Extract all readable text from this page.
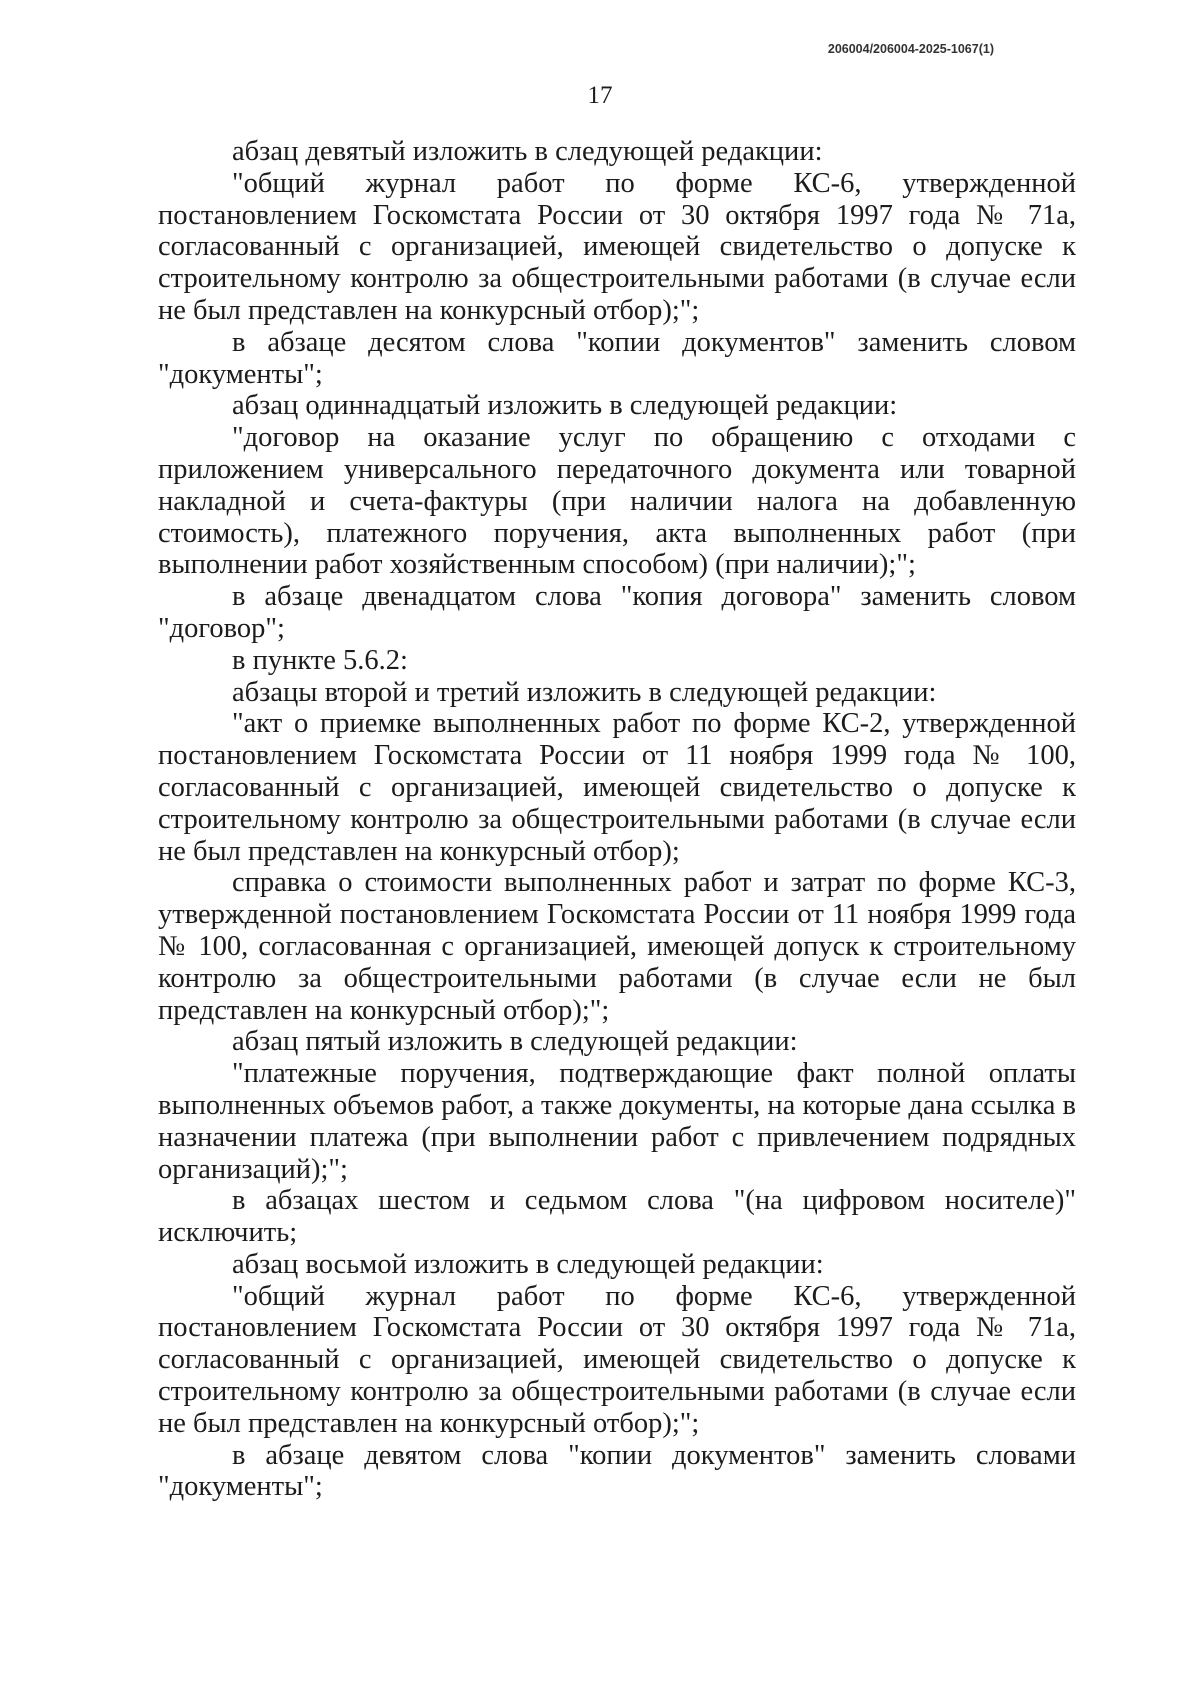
206004/206004-2025-1067(1)
17

абзац девятый изложить в следующей редакции:

"общий журнал работ по форме КС-6, утвержденной постановлением Госкомстата России от 30 октября 1997 года № 71а, согласованный с организацией, имеющей свидетельство о допуске к строительному контролю за общестроительными работами (в случае если не был представлен на конкурсный отбор);";

в абзаце десятом слова "копии документов" заменить словом "документы";

абзац одиннадцатый изложить в следующей редакции:

"договор на оказание услуг по обращению с отходами с приложением универсального передаточного документа или товарной накладной и счета-фактуры (при наличии налога на добавленную стоимость), платежного поручения, акта выполненных работ (при выполнении работ хозяйственным способом) (при наличии);";

в абзаце двенадцатом слова "копия договора" заменить словом "договор";

в пункте 5.6.2:

абзацы второй и третий изложить в следующей редакции:

"акт о приемке выполненных работ по форме КС-2, утвержденной постановлением Госкомстата России от 11 ноября 1999 года № 100, согласованный с организацией, имеющей свидетельство о допуске к строительному контролю за общестроительными работами (в случае если не был представлен на конкурсный отбор);

справка о стоимости выполненных работ и затрат по форме КС-3, утвержденной постановлением Госкомстата России от 11 ноября 1999 года № 100, согласованная с организацией, имеющей допуск к строительному контролю за общестроительными работами (в случае если не был представлен на конкурсный отбор);";

абзац пятый изложить в следующей редакции:

"платежные поручения, подтверждающие факт полной оплаты выполненных объемов работ, а также документы, на которые дана ссылка в назначении платежа (при выполнении работ с привлечением подрядных организаций);";

в абзацах шестом и седьмом слова "(на цифровом носителе)" исключить;

абзац восьмой изложить в следующей редакции:

"общий журнал работ по форме КС-6, утвержденной постановлением Госкомстата России от 30 октября 1997 года № 71а, согласованный с организацией, имеющей свидетельство о допуске к строительному контролю за общестроительными работами (в случае если не был представлен на конкурсный отбор);";

в абзаце девятом слова "копии документов" заменить словами "документы";
